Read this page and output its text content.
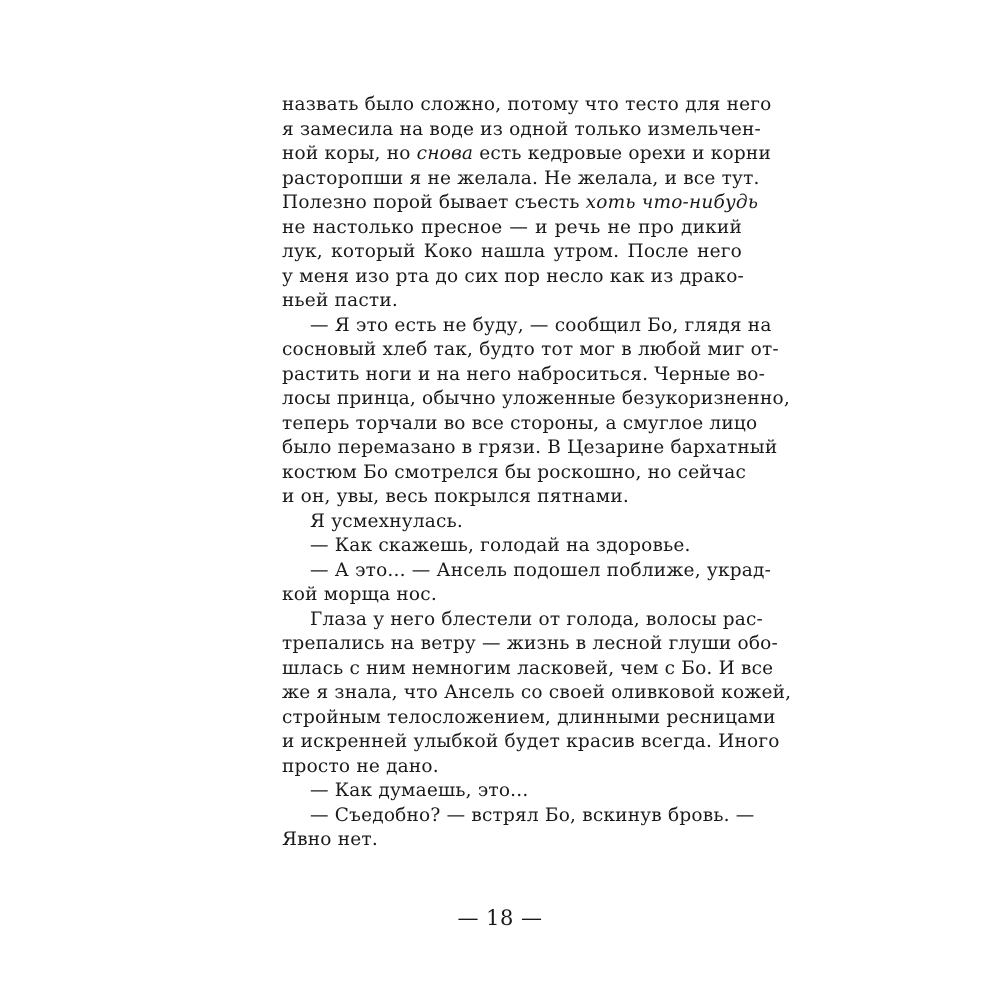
назвать было сложно, потому что тесто для него
я замесила на воде из одной только измельчен-
ной коры, но снова есть кедровые орехи и корни
расторопши я не желала. Не желала, и все тут.
Полезно порой бывает съесть хоть что-нибудь
не настолько пресное — и речь не про дикий
лук, который Коко нашла утром. После него
у меня изо рта до сих пор несло как из драко-
ньей пасти.
— Я это есть не буду, — сообщил Бо, глядя на
сосновый хлеб так, будто тот мог в любой миг от-
растить ноги и на него наброситься. Черные во-
лосы принца, обычно уложенные безукоризненно,
теперь торчали во все стороны, а смуглое лицо
было перемазано в грязи. В Цезарине бархатный
костюм Бо смотрелся бы роскошно, но сейчас
и он, увы, весь покрылся пятнами.
Я усмехнулась.
— Как скажешь, голодай на здоровье.
— А это... — Ансель подошел поближе, украд-
кой морща нос.
Глаза у него блестели от голода, волосы рас-
трепались на ветру — жизнь в лесной глуши обо-
шлась с ним немногим ласковей, чем с Бо. И все
же я знала, что Ансель со своей оливковой кожей,
стройным телосложением, длинными ресницами
и искренней улыбкой будет красив всегда. Иного
просто не дано.
— Как думаешь, это...
— Съедобно? — встрял Бо, вскинув бровь. —
Явно нет.
— 18 —
